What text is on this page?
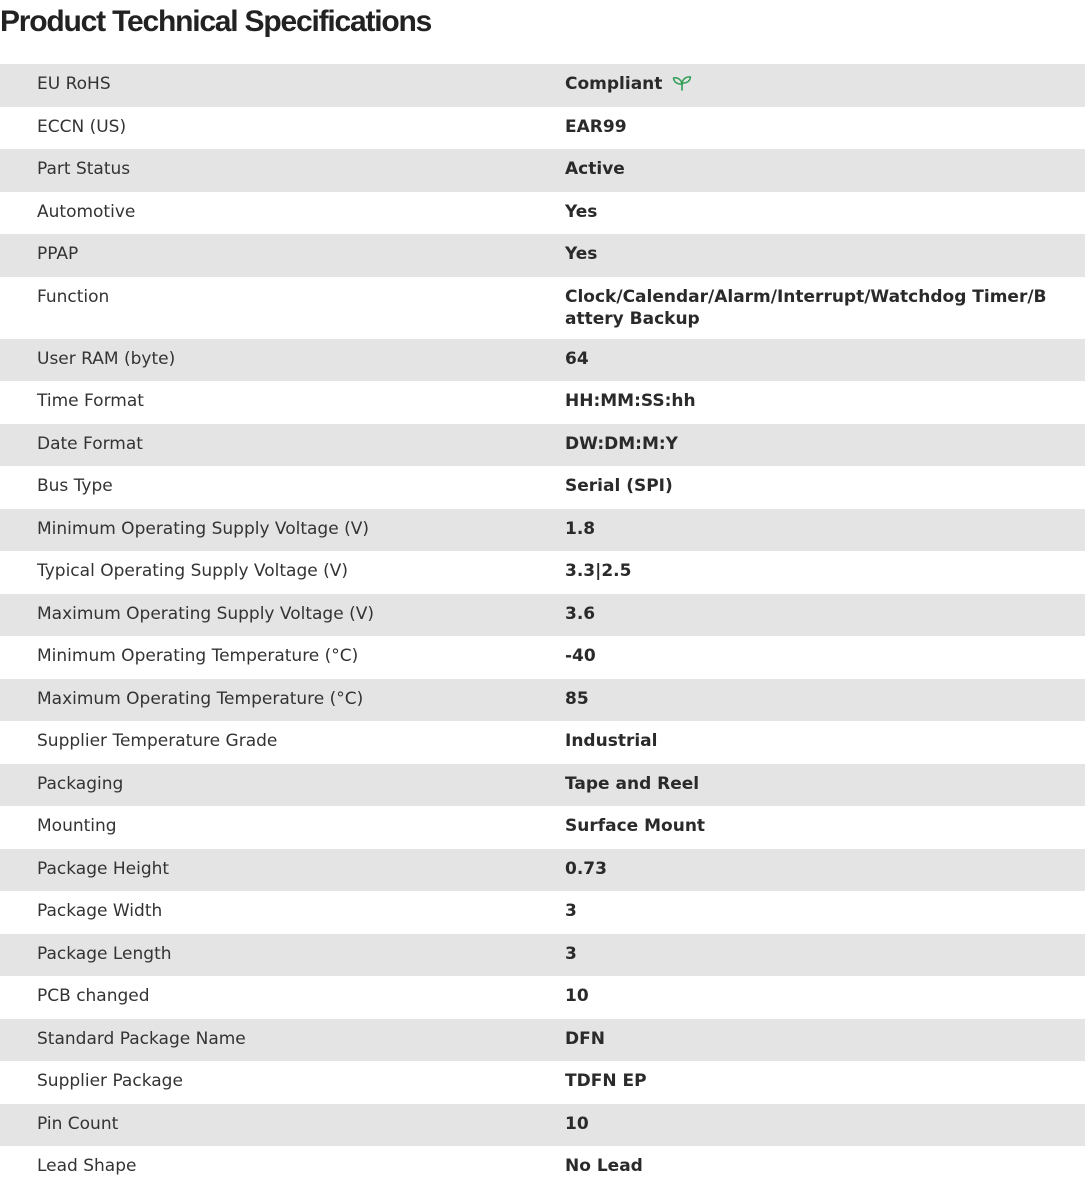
Product Technical Specifications
EU RoHS	Compliant
ECCN (US)	EAR99
Part Status	Active
Automotive	Yes
PPAP	Yes
Function	Clock/Calendar/Alarm/Interrupt/Watchdog Timer/Battery Backup
User RAM (byte)	64
Time Format	HH:MM:SS:hh
Date Format	DW:DM:M:Y
Bus Type	Serial (SPI)
Minimum Operating Supply Voltage (V)	1.8
Typical Operating Supply Voltage (V)	3.3|2.5
Maximum Operating Supply Voltage (V)	3.6
Minimum Operating Temperature (°C)	-40
Maximum Operating Temperature (°C)	85
Supplier Temperature Grade	Industrial
Packaging	Tape and Reel
Mounting	Surface Mount
Package Height	0.73
Package Width	3
Package Length	3
PCB changed	10
Standard Package Name	DFN
Supplier Package	TDFN EP
Pin Count	10
Lead Shape	No Lead
